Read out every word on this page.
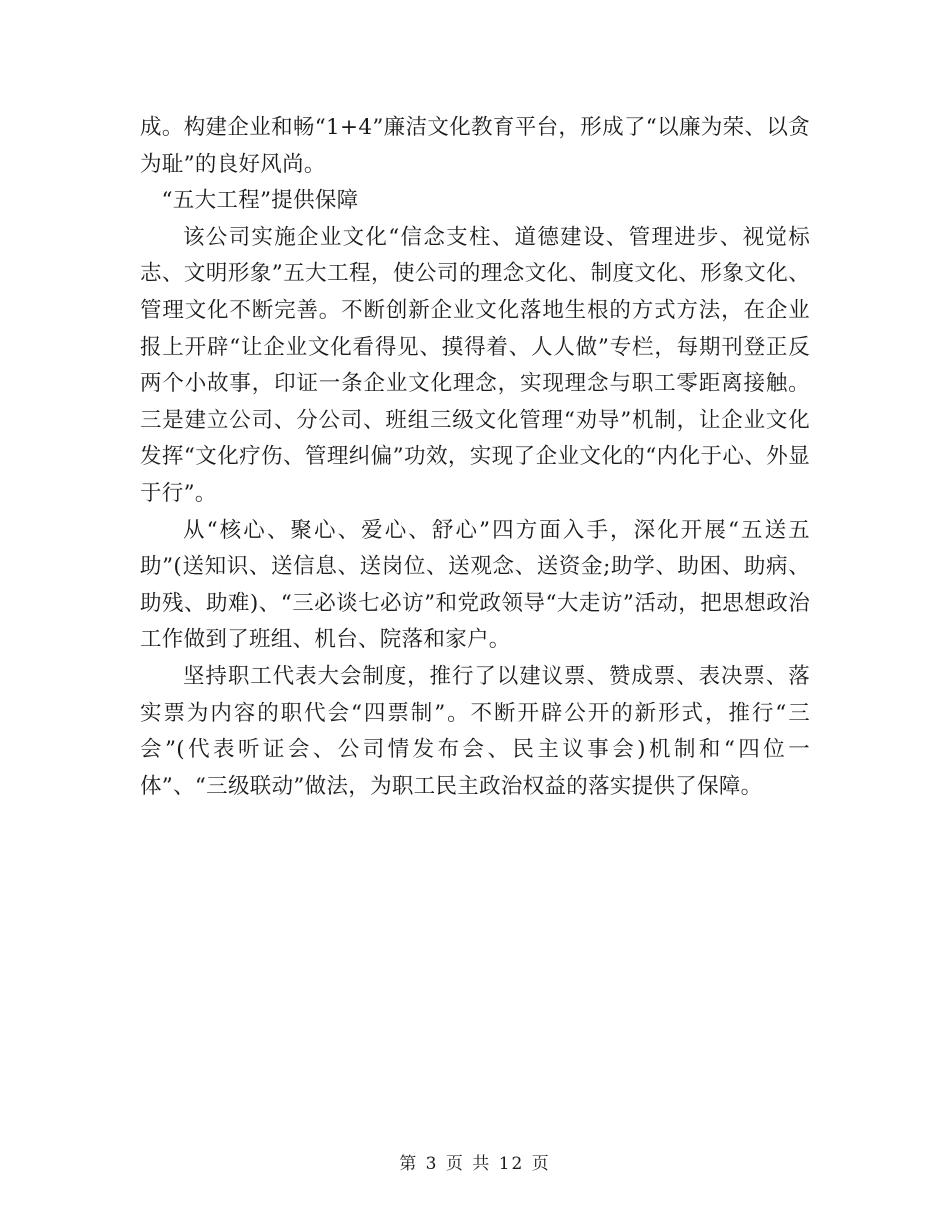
成。构建企业和畅“1+4”廉洁文化教育平台，形成了“以廉为荣、以贪为耻”的良好风尚。

“五大工程”提供保障

该公司实施企业文化“信念支柱、道德建设、管理进步、视觉标志、文明形象”五大工程，使公司的理念文化、制度文化、形象文化、管理文化不断完善。不断创新企业文化落地生根的方式方法，在企业报上开辟“让企业文化看得见、摸得着、人人做”专栏，每期刊登正反两个小故事，印证一条企业文化理念，实现理念与职工零距离接触。三是建立公司、分公司、班组三级文化管理“劝导”机制，让企业文化发挥“文化疗伤、管理纠偏”功效，实现了企业文化的“内化于心、外显于行”。

从“核心、聚心、爱心、舒心”四方面入手，深化开展“五送五助”(送知识、送信息、送岗位、送观念、送资金;助学、助困、助病、助残、助难)、“三必谈七必访”和党政领导“大走访”活动，把思想政治工作做到了班组、机台、院落和家户。

坚持职工代表大会制度，推行了以建议票、赞成票、表决票、落实票为内容的职代会“四票制”。不断开辟公开的新形式，推行“三会”(代表听证会、公司情发布会、民主议事会)机制和“四位一体”、“三级联动”做法，为职工民主政治权益的落实提供了保障。

第 3 页 共 12 页
